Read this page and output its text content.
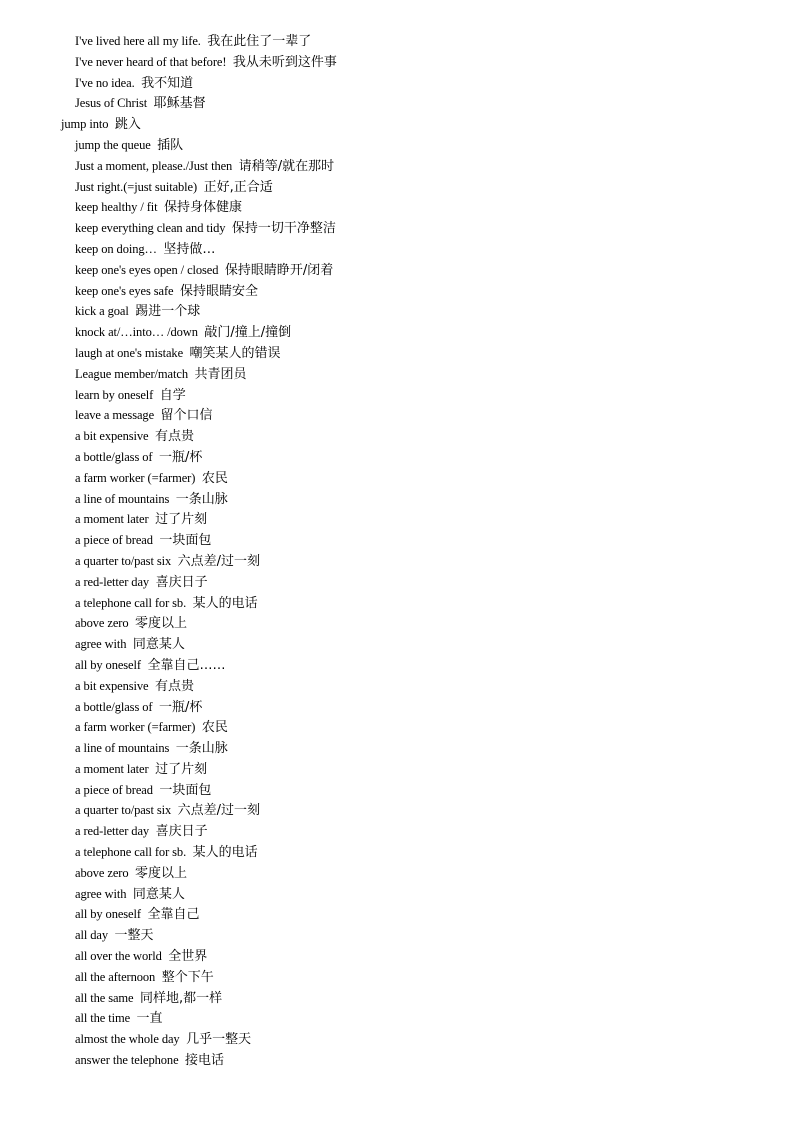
I've lived here all my life. 我在此住了一辈了
I've never heard of that before! 我从未听到这件事
I've no idea. 我不知道
Jesus of Christ 耶稣基督
jump into 跳入
jump the queue 插队
Just a moment, please./Just then 请稍等/就在那时
Just right.(=just suitable) 正好,正合适
keep healthy / fit 保持身体健康
keep everything clean and tidy 保持一切干净整洁
keep on doing… 坚持做…
keep one's eyes open / closed 保持眼睛睁开/闭着
keep one's eyes safe 保持眼睛安全
kick a goal 踢进一个球
knock at/…into… /down 敲门/撞上/撞倒
laugh at one's mistake 嘲笑某人的错误
League member/match 共青团员
learn by oneself 自学
leave a message 留个口信
a bit expensive 有点贵
a bottle/glass of 一瓶/杯
a farm worker (=farmer) 农民
a line of mountains 一条山脉
a moment later 过了片刻
a piece of bread 一块面包
a quarter to/past six 六点差/过一刻
a red-letter day 喜庆日子
a telephone call for sb. 某人的电话
above zero 零度以上
agree with 同意某人
all by oneself 全靠自己……
a bit expensive 有点贵
a bottle/glass of 一瓶/杯
a farm worker (=farmer) 农民
a line of mountains 一条山脉
a moment later 过了片刻
a piece of bread 一块面包
a quarter to/past six 六点差/过一刻
a red-letter day 喜庆日子
a telephone call for sb. 某人的电话
above zero 零度以上
agree with 同意某人
all by oneself 全靠自己
all day 一整天
all over the world 全世界
all the afternoon 整个下午
all the same 同样地,都一样
all the time 一直
almost the whole day 几乎一整天
answer the telephone 接电话
